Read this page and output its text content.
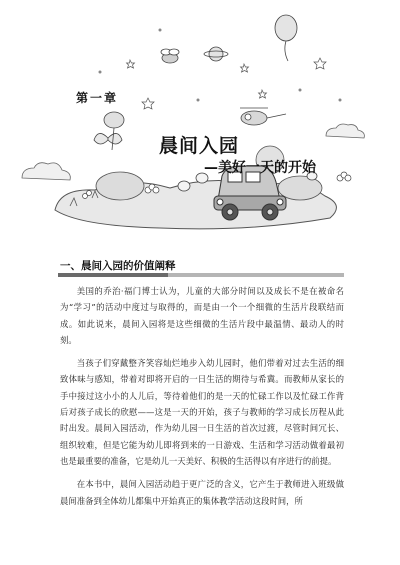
第一章
晨间入园
—美好一天的开始
一、晨间入园的价值阐释

美国的乔治·福门博士认为，儿童的大部分时间以及成长不是在被命名为“学习”的活动中度过与取得的，而是由一个一个细微的生活片段联结而成。如此说来，晨间入园将是这些细微的生活片段中最温情、最动人的时刻。

当孩子们穿戴整齐笑容灿烂地步入幼儿园时，他们带着对过去生活的细致体味与感知，带着对即将开启的一日生活的期待与希冀。而教师从家长的手中接过这小小的人儿后，等待着他们的是一天的忙碌工作以及忙碌工作背后对孩子成长的欣慰——这是一天的开始，孩子与教师的学习成长历程从此时出发。晨间入园活动，作为幼儿园一日生活的首次过渡，尽管时间冗长、组织较难，但是它能为幼儿即将到来的一日游戏、生活和学习活动做着最初也是最重要的准备，它是幼儿一天美好、积极的生活得以有序进行的前提。

在本书中，晨间入园活动趋于更广泛的含义，它产生于教师进入班级做晨间准备到全体幼儿都集中开始真正的集体教学活动这段时间，所
